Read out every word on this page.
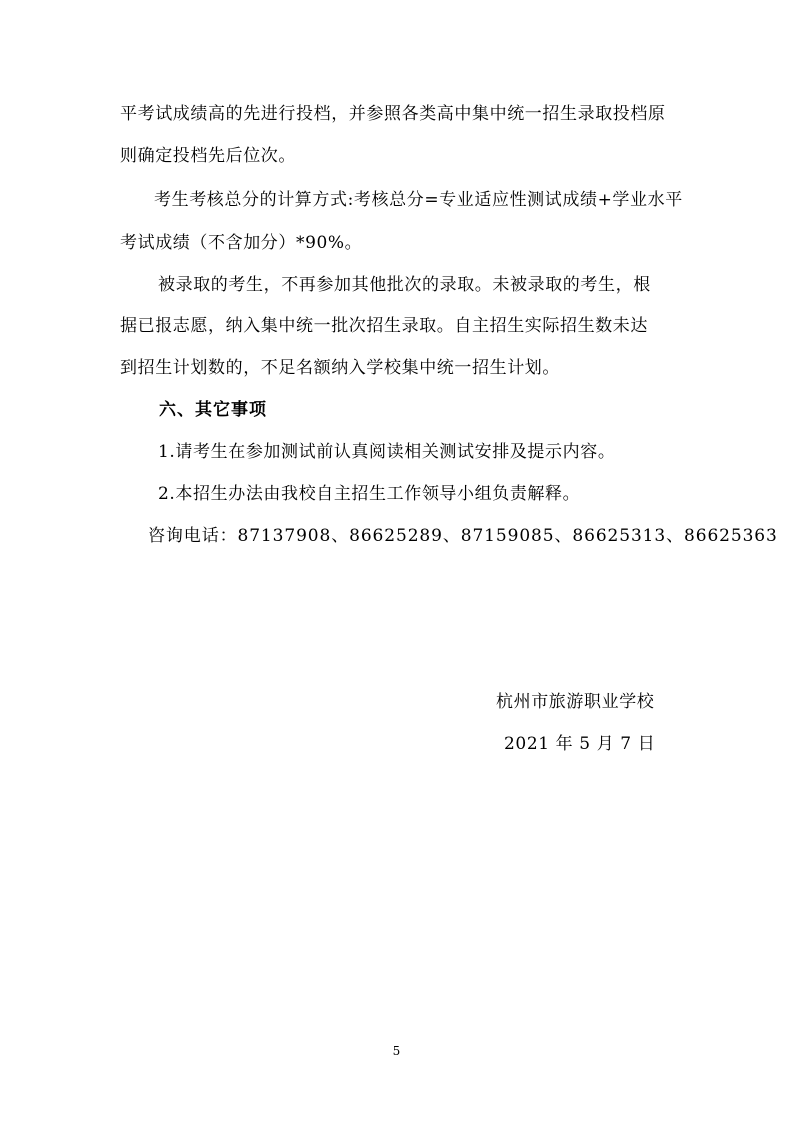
平考试成绩高的先进行投档，并参照各类高中集中统一招生录取投档原
则确定投档先后位次。
考生考核总分的计算方式:考核总分=专业适应性测试成绩+学业水平
考试成绩（不含加分）*90%。
被录取的考生，不再参加其他批次的录取。未被录取的考生，根
据已报志愿，纳入集中统一批次招生录取。自主招生实际招生数未达
到招生计划数的，不足名额纳入学校集中统一招生计划。
六、其它事项
1.请考生在参加测试前认真阅读相关测试安排及提示内容。
2.本招生办法由我校自主招生工作领导小组负责解释。
咨询电话：87137908、86625289、87159085、86625313、86625363
杭州市旅游职业学校
2021 年 5 月 7 日
5
